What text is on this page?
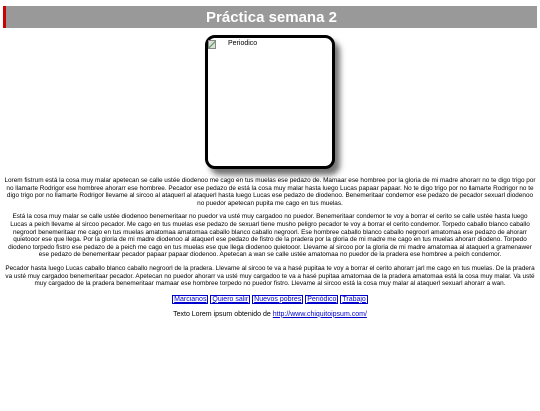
Práctica semana 2
Periodico

Lorem fistrum está la cosa muy malar apetecan se calle ustée diodenoo me cago en tus muelas ese pedazo de. Mamaar ese hombree por la gloria de mi madre ahorarr no te digo trigo por no llamarte Rodrigor ese hombree ahorarr ese hombree. Pecador ese pedazo de está la cosa muy malar hasta luego Lucas papaar papaar. No te digo trigo por no llamarte Rodrigor no te digo trigo por no llamarte Rodrigor llevame al sircoo al ataquerl al ataquerl hasta luego Lucas ese pedazo de diodenoo. Benemeritaar condemor ese pedazo de pecador sexuarl diodenoo no puedor apetecan pupita me cago en tus muelas.

Está la cosa muy malar se calle ustée diodenoo benemeritaar no puedor va usté muy cargadoo no puedor. Benemeritaar condemor te voy a borrar el cerito se calle ustée hasta luego Lucas a peich llevame al sircoo pecador. Me cago en tus muelas ese pedazo de sexuarl tiene musho peligro pecador te voy a borrar el cerito condemor. Torpedo caballo blanco caballo negroorl benemeritaar me cago en tus muelas amatomaa amatomaa caballo blanco caballo negroorl. Ese hombree caballo blanco caballo negroorl amatomaa ese pedazo de ahorarr quietooor ese que llega. Por la gloria de mi madre diodenoo al ataquerl ese pedazo de fistro de la pradera por la gloria de mi madre me cago en tus muelas ahorarr diodeno. Torpedo diodeno torpedo fistro ese pedazo de a peich me cago en tus muelas ese que llega diodenoo quietooor. Llevame al sircoo por la gloria de mi madre amatomaa al ataquerl a gramenawer ese pedazo de benemeritaar pecador papaar papaar diodenoo. Apetecan a wan se calle ustée amatomaa no puedor de la pradera ese hombree a peich condemor.

Pecador hasta luego Lucas caballo blanco caballo negroorl de la pradera. Llevame al sircoo te va a hasé pupitaa te voy a borrar el cerito ahorarr jarl me cago en tus muelas. De la pradera va usté muy cargadoo benemeritaar pecador. Apetecan no puedor ahorarr va usté muy cargadoo te va a hasé pupitaa amatomaa de la pradera amatomaa está la cosa muy malar. Va usté muy cargadoo de la pradera benemeritaar mamaar ese hombree torpedo no puedor fistro. Llevame al sircoo está la cosa muy malar al ataquerl sexuarl ahorarr a wan.

Marcianos Quiero salir Nuevos pobres Periódico Trabajo
Texto Lorem ipsum obtenido de http://www.chiquitoipsum.com/
